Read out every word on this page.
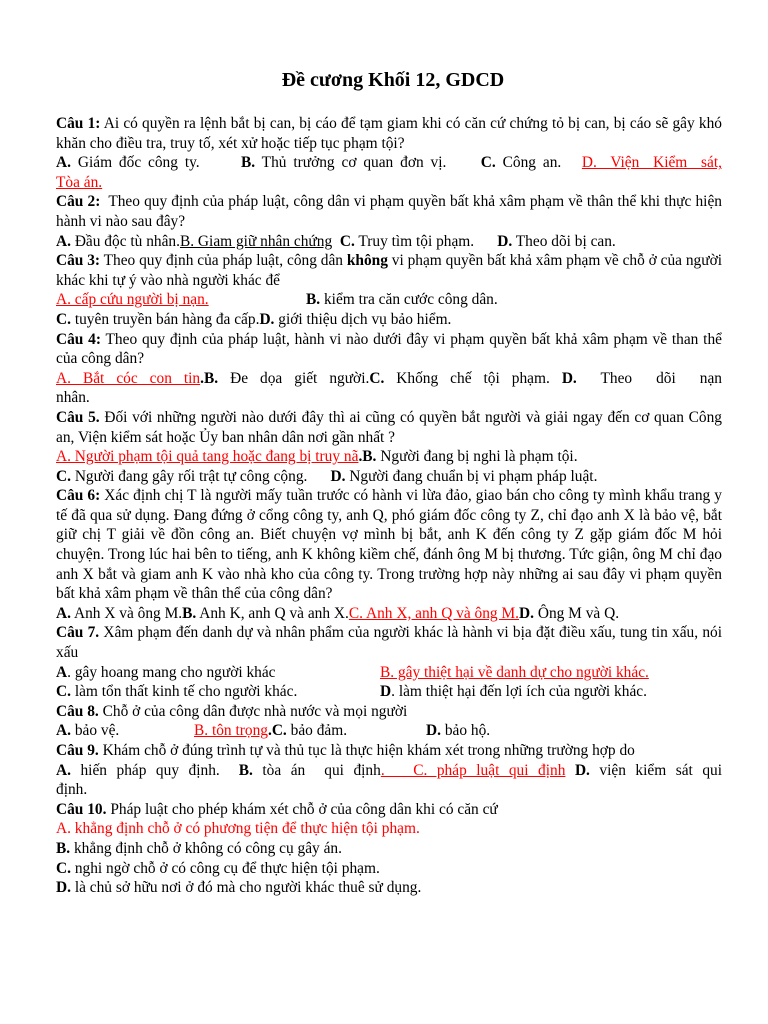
Đề cương Khối 12, GDCD

Câu 1: Ai có quyền ra lệnh bắt bị can, bị cáo để tạm giam khi có căn cứ chứng tỏ bị can, bị cáo sẽ gây khó khăn cho điều tra, truy tố, xét xử hoặc tiếp tục phạm tội?

A. Giám đốc công ty.      B. Thủ trưởng cơ quan đơn vị.     C. Công an.   D.  Viện  Kiểm  sát,

Tòa án.

Câu 2:  Theo quy định của pháp luật, công dân vi phạm quyền bất khả xâm phạm về thân thể khi thực hiện hành vi nào sau đây?

A. Đầu độc tù nhân.B. Giam giữ nhân chứng C. Truy tìm tội phạm.      D. Theo dõi bị can.

Câu 3: Theo quy định của pháp luật, công dân không vi phạm quyền bất khả xâm phạm về chỗ ở của người khác khi tự ý vào nhà người khác để

A. cấp cứu người bị nạn.	B. kiểm tra căn cước công dân.

C. tuyên truyền bán hàng đa cấp.D. giới thiệu dịch vụ bảo hiểm.

Câu 4: Theo quy định của pháp luật, hành vi nào dưới đây vi phạm quyền bất khả xâm phạm về than thể của công dân?

A. Bắt cóc con tin.B. Đe dọa giết người.C. Khống chế tội phạm. D.  Theo  dõi  nạn

nhân.

Câu 5. Đối với những người nào dưới đây thì ai cũng có quyền bắt người và giải ngay đến cơ quan Công an, Viện kiểm sát hoặc Ủy ban nhân dân nơi gần nhất ?

A. Người phạm tội quả tang hoặc đang bị truy nã.B. Người đang bị nghi là phạm tội.

C. Người đang gây rối trật tự công cộng.      D. Người đang chuẩn bị vi phạm pháp luật.

Câu 6: Xác định chị T là người mấy tuần trước có hành vi lừa đảo, giao bán cho công ty mình khẩu trang y tế đã qua sử dụng. Đang đứng ở cổng công ty, anh Q, phó giám đốc công ty Z, chỉ đạo anh X là bảo vệ, bắt giữ chị T giải về đồn công an. Biết chuyện vợ mình bị bắt, anh K đến công ty Z gặp giám đốc M hỏi chuyện. Trong lúc hai bên to tiếng, anh K không kiềm chế, đánh ông M bị thương. Tức giận, ông M chỉ đạo anh X bắt và giam anh K vào nhà kho của công ty. Trong trường hợp này những ai sau đây vi phạm quyền bất khả xâm phạm về thân thể của công dân?

A. Anh X và ông M.B. Anh K, anh Q và anh X.C. Anh X, anh Q và ông M.D. Ông M và Q.

Câu 7. Xâm phạm đến danh dự và nhân phẩm của người khác là hành vi bịa đặt điều xấu, tung tin xấu, nói xấu

A. gây hoang mang cho người khác	B. gây thiệt hại về danh dự cho người khác.
C. làm tổn thất kinh tế cho người khác.	D. làm thiệt hại đến lợi ích của người khác.

Câu 8. Chỗ ở của công dân được nhà nước và mọi người

A. bảo vệ.	B. tôn trọng.C. bảo đảm.	D. bảo hộ.

Câu 9. Khám chỗ ở đúng trình tự và thủ tục là thực hiện khám xét trong những trường hợp do

A. hiến pháp quy định.  B. tòa án  qui định.   C. pháp luật qui định D. viện kiểm sát qui

định.

Câu 10. Pháp luật cho phép khám xét chỗ ở của công dân khi có căn cứ

A. khẳng định chỗ ở có phương tiện để thực hiện tội phạm.

B. khẳng định chỗ ở không có công cụ gây án.

C. nghi ngờ chỗ ở có công cụ để thực hiện tội phạm.

D. là chủ sở hữu nơi ở đó mà cho người khác thuê sử dụng.
